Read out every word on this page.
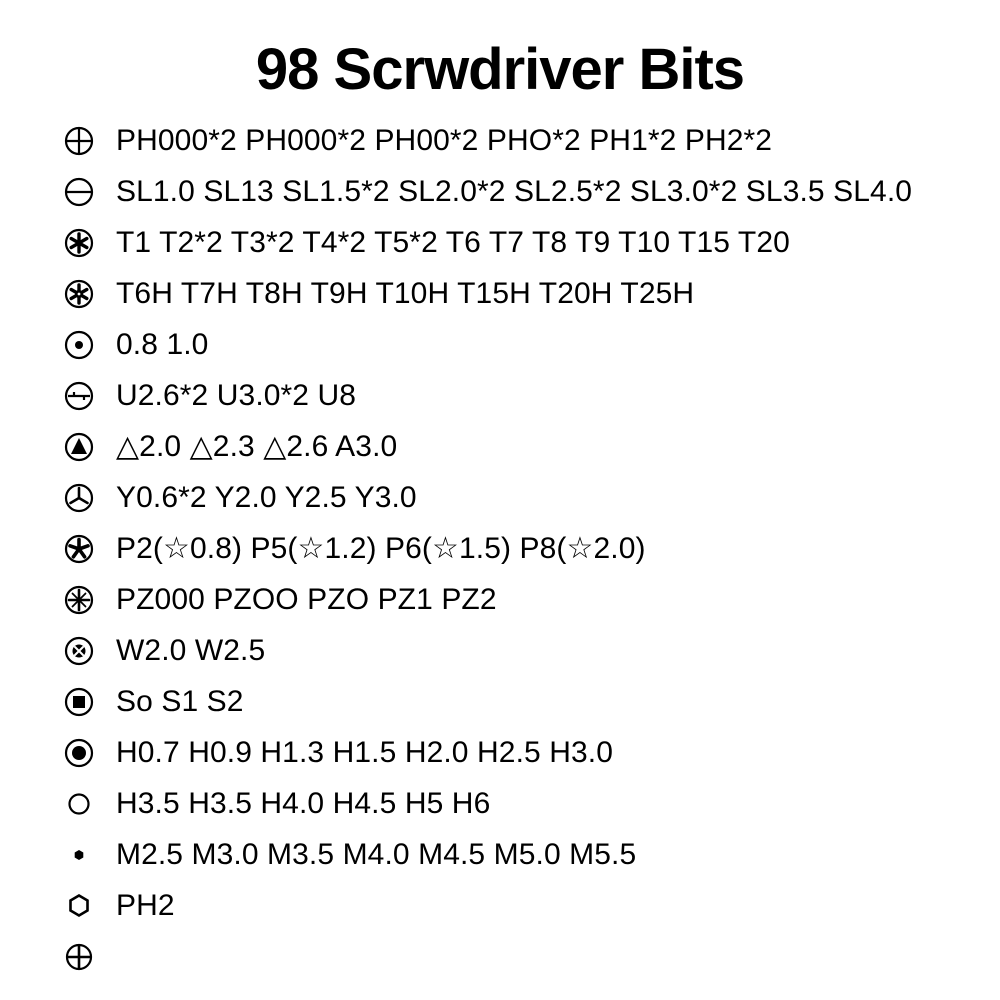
98 Scrwdriver Bits
PH000*2 PH000*2 PH00*2 PHO*2 PH1*2 PH2*2
SL1.0 SL13 SL1.5*2 SL2.0*2 SL2.5*2 SL3.0*2 SL3.5 SL4.0
T1 T2*2 T3*2 T4*2 T5*2 T6 T7 T8 T9 T10 T15 T20
T6H T7H T8H T9H T10H T15H T20H T25H
0.8 1.0
U2.6*2 U3.0*2 U8
△2.0 △2.3 △2.6 A3.0
Y0.6*2 Y2.0 Y2.5 Y3.0
P2(☆0.8) P5(☆1.2) P6(☆1.5) P8(☆2.0)
PZ000 PZOO PZO PZ1 PZ2
W2.0 W2.5
So S1 S2
H0.7 H0.9 H1.3 H1.5 H2.0 H2.5 H3.0
H3.5 H3.5 H4.0 H4.5 H5 H6
M2.5 M3.0 M3.5 M4.0 M4.5 M5.0 M5.5
PH2
